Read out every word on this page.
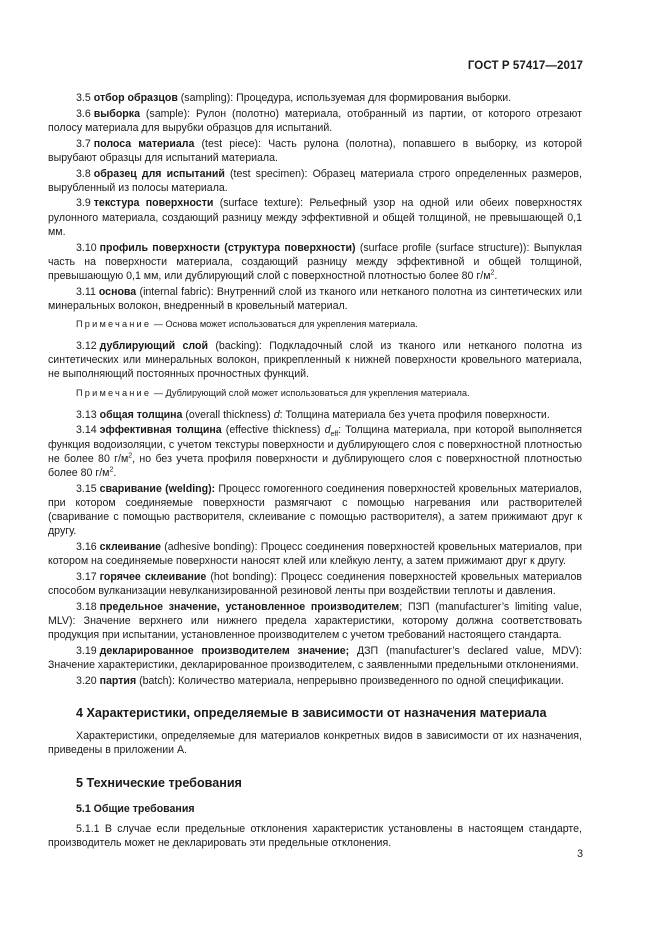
ГОСТ Р 57417—2017

3.5 отбор образцов (sampling): Процедура, используемая для формирования выборки.

3.6 выборка (sample): Рулон (полотно) материала, отобранный из партии, от которого отрезают полосу материала для вырубки образцов для испытаний.

3.7 полоса материала (test piece): Часть рулона (полотна), попавшего в выборку, из которой вырубают образцы для испытаний материала.

3.8 образец для испытаний (test specimen): Образец материала строго определенных размеров, вырубленный из полосы материала.

3.9 текстура поверхности (surface texture): Рельефный узор на одной или обеих поверхностях рулонного материала, создающий разницу между эффективной и общей толщиной, не превышающей 0,1 мм.

3.10 профиль поверхности (структура поверхности) (surface profile (surface structure)): Выпуклая часть на поверхности материала, создающий разницу между эффективной и общей толщиной, превышающую 0,1 мм, или дублирующий слой с поверхностной плотностью более 80 $г/м^2$.

3.11 основа (internal fabric): Внутренний слой из тканого или нетканого полотна из синтетических или минеральных волокон, внедренный в кровельный материал.

Примечание — Основа может использоваться для укрепления материала.

3.12 дублирующий слой (backing): Подкладочный слой из тканого или нетканого полотна из синтетических или минеральных волокон, прикрепленный к нижней поверхности кровельного материала, не выполняющий постоянных прочностных функций.

Примечание — Дублирующий слой может использоваться для укрепления материала.

3.13 общая толщина (overall thickness) d: Толщина материала без учета профиля поверхности.

3.14 эффективная толщина (effective thickness) $d_{eff}$: Толщина материала, при которой выполняется функция водоизоляции, с учетом текстуры поверхности и дублирующего слоя с поверхностной плотностью не более 80 $г/м^2$, но без учета профиля поверхности и дублирующего слоя с поверхностной плотностью более 80 $г/м^2$.

3.15 сваривание (welding): Процесс гомогенного соединения поверхностей кровельных материалов, при котором соединяемые поверхности размягчают с помощью нагревания или растворителей (сваривание с помощью растворителя, склеивание с помощью растворителя), а затем прижимают друг к другу.

3.16 склеивание (adhesive bonding): Процесс соединения поверхностей кровельных материалов, при котором на соединяемые поверхности наносят клей или клейкую ленту, а затем прижимают друг к другу.

3.17 горячее склеивание (hot bonding): Процесс соединения поверхностей кровельных материалов способом вулканизации невулканизированной резиновой ленты при воздействии теплоты и давления.

3.18 предельное значение, установленное производителем; ПЗП (manufacturer’s limiting value, MLV): Значение верхнего или нижнего предела характеристики, которому должна соответствовать продукция при испытании, установленное производителем с учетом требований настоящего стандарта.

3.19 декларированное производителем значение; ДЗП (manufacturer’s declared value, MDV): Значение характеристики, декларированное производителем, с заявленными предельными отклонениями.

3.20 партия (batch): Количество материала, непрерывно произведенного по одной спецификации.

4 Характеристики, определяемые в зависимости от назначения материала

Характеристики, определяемые для материалов конкретных видов в зависимости от их назначения, приведены в приложении А.

5 Технические требования
5.1 Общие требования

5.1.1 В случае если предельные отклонения характеристик установлены в настоящем стандарте, производитель может не декларировать эти предельные отклонения.

3
